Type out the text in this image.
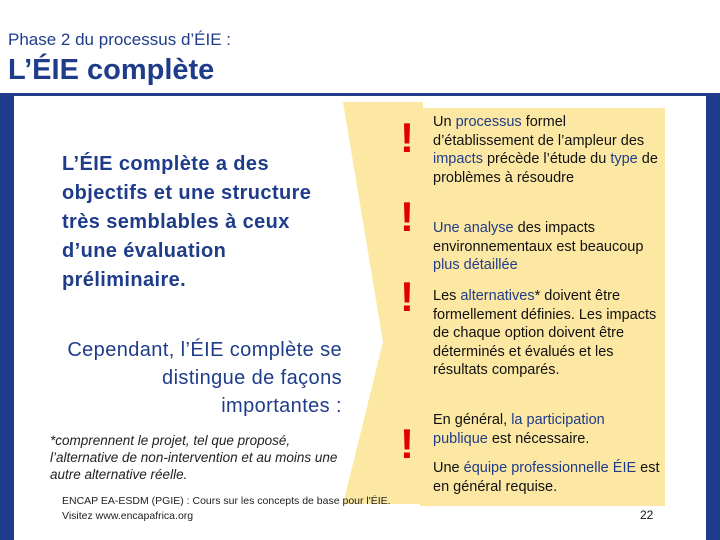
Phase 2 du processus d’ÉIE :
L’ÉIE complète
L’ÉIE complète a des objectifs et une structure très semblables à ceux d’une évaluation préliminaire.
Cependant, l’ÉIE complète se distingue de façons importantes :
*comprennent le projet, tel que proposé, l’alternative de non-intervention et au moins une autre alternative réelle.
ENCAP EA-ESDM (PGIE) : Cours sur les concepts de base pour l'ÉIE. Visitez www.encapafrica.org
!
!
!
!
Un processus formel d’établissement de l’ampleur des impacts précède l’étude du type de problèmes à résoudre
Une analyse des impacts environnementaux est beaucoup plus détaillée
Les alternatives* doivent être formellement définies. Les impacts de chaque option doivent être déterminés et évalués et les résultats comparés.
En général, la participation publique est nécessaire.
Une équipe professionnelle ÉIE est en général requise.
22
